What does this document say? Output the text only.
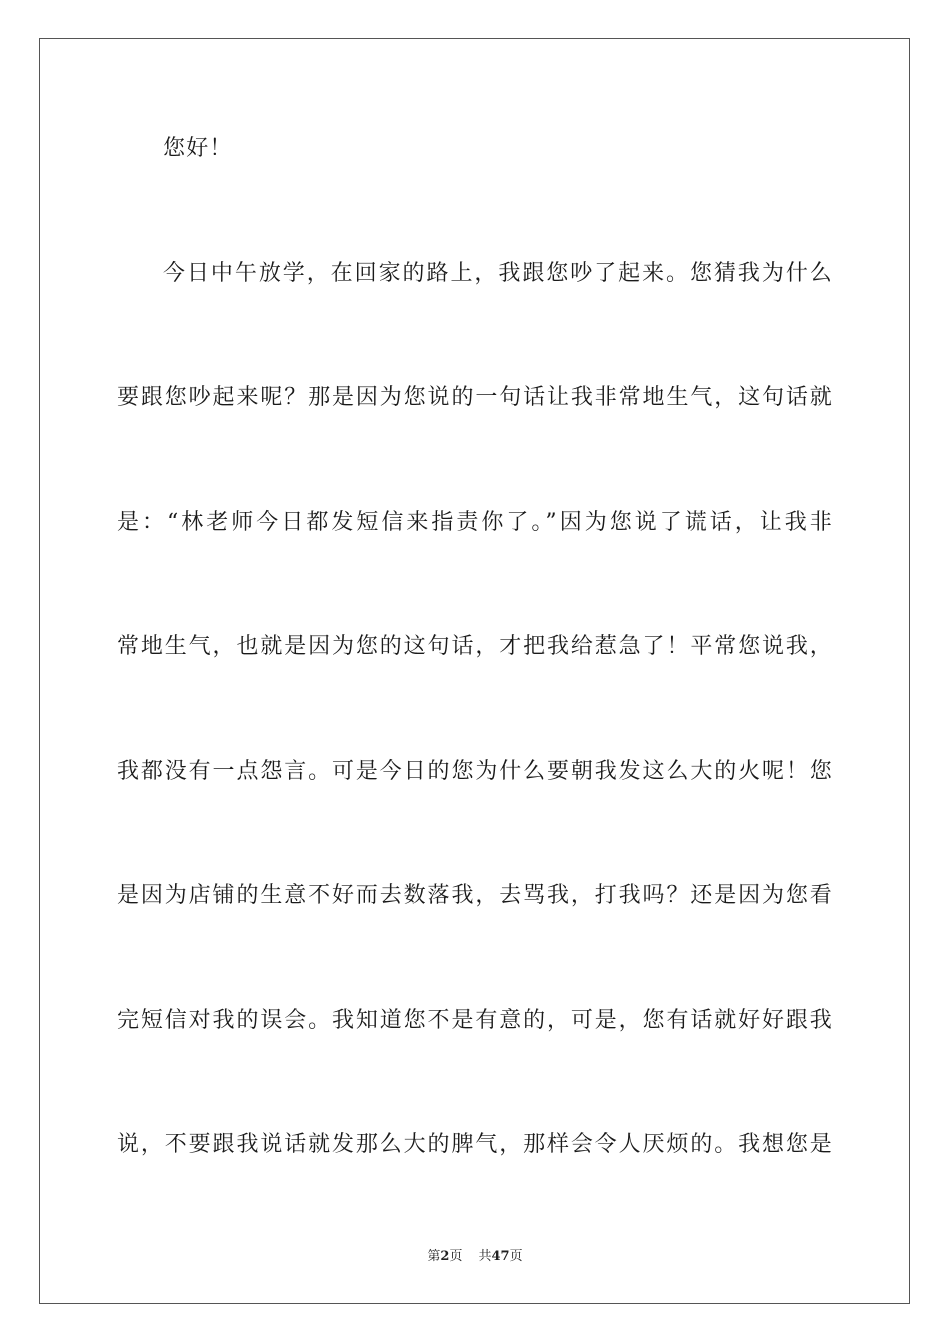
您好！
今日中午放学，在回家的路上，我跟您吵了起来。您猜我为什么
要跟您吵起来呢？那是因为您说的一句话让我非常地生气，这句话就
是：“林老师今日都发短信来指责你了。”因为您说了谎话，让我非
常地生气，也就是因为您的这句话，才把我给惹急了！平常您说我，
我都没有一点怨言。可是今日的您为什么要朝我发这么大的火呢！您
是因为店铺的生意不好而去数落我，去骂我，打我吗？还是因为您看
完短信对我的误会。我知道您不是有意的，可是，您有话就好好跟我
说，不要跟我说话就发那么大的脾气，那样会令人厌烦的。我想您是
第2页 共47页
